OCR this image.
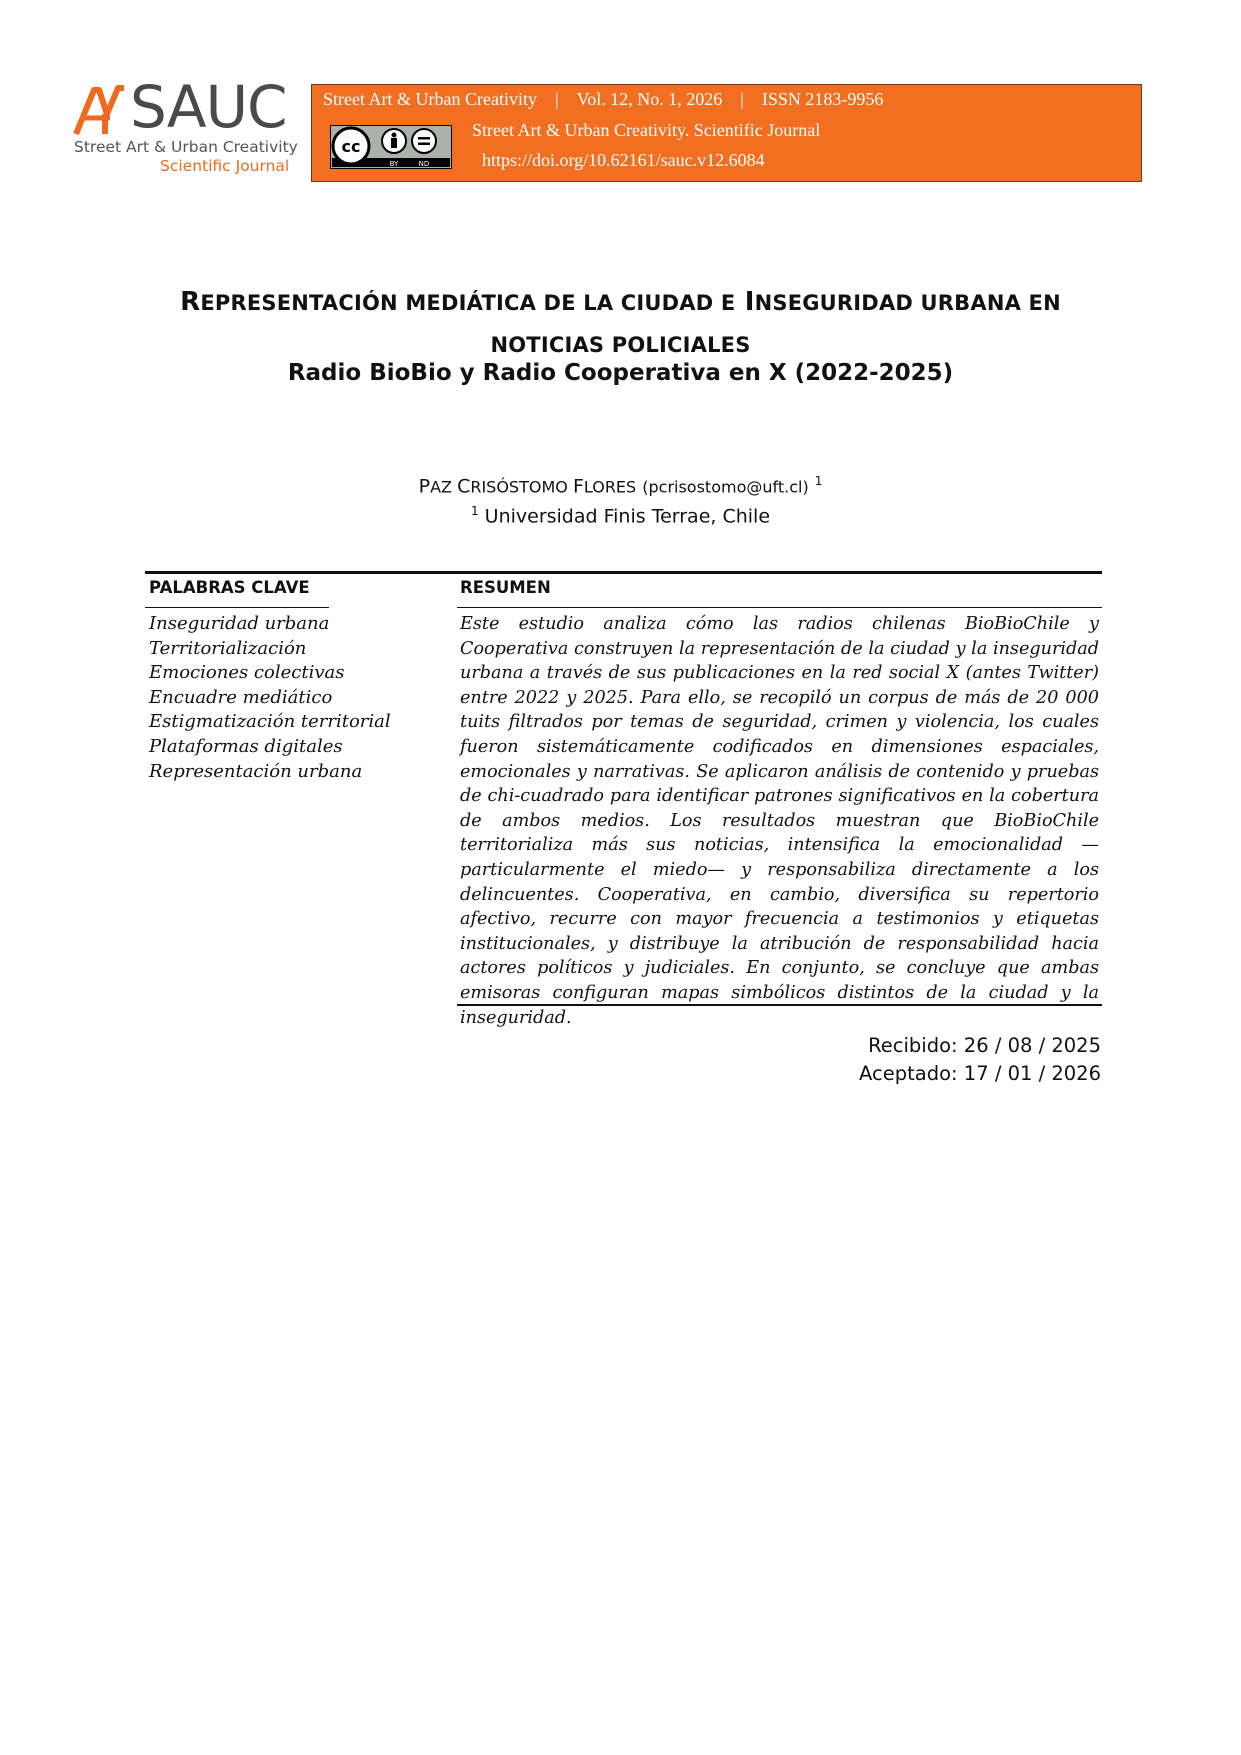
SAUC
Street Art & Urban Creativity
Scientific Journal
Street Art & Urban Creativity | Vol. 12, No. 1, 2026 | ISSN 2183-9956
cc
BY	ND
Street Art & Urban Creativity. Scientific Journal
https://doi.org/10.62161/sauc.v12.6084
REPRESENTACIÓN MEDIÁTICA DE LA CIUDAD E INSEGURIDAD URBANA EN
NOTICIAS POLICIALES
Radio BioBio y Radio Cooperativa en X (2022-2025)
PAZ CRISÓSTOMO FLORES (pcrisostomo@uft.cl) $^1$
$^1$ Universidad Finis Terrae, Chile
PALABRAS CLAVE	RESUMEN
Inseguridad urbana
Territorialización
Emociones colectivas
Encuadre mediático
Estigmatización territorial
Plataformas digitales
Representación urbana

Este estudio analiza cómo las radios chilenas BioBioChile y Cooperativa construyen la representación de la ciudad y la inseguridad urbana a través de sus publicaciones en la red social X (antes Twitter) entre 2022 y 2025. Para ello, se recopiló un corpus de más de 20 000 tuits filtrados por temas de seguridad, crimen y violencia, los cuales fueron sistemáticamente codificados en dimensiones espaciales, emocionales y narrativas. Se aplicaron análisis de contenido y pruebas de chi-cuadrado para identificar patrones significativos en la cobertura de ambos medios. Los resultados muestran que BioBioChile territorializa más sus noticias, intensifica la emocionalidad —particularmente el miedo— y responsabiliza directamente a los delincuentes. Cooperativa, en cambio, diversifica su repertorio afectivo, recurre con mayor frecuencia a testimonios y etiquetas institucionales, y distribuye la atribución de responsabilidad hacia actores políticos y judiciales. En conjunto, se concluye que ambas emisoras configuran mapas simbólicos distintos de la ciudad y la inseguridad.

Recibido: 26 / 08 / 2025
Aceptado: 17 / 01 / 2026
